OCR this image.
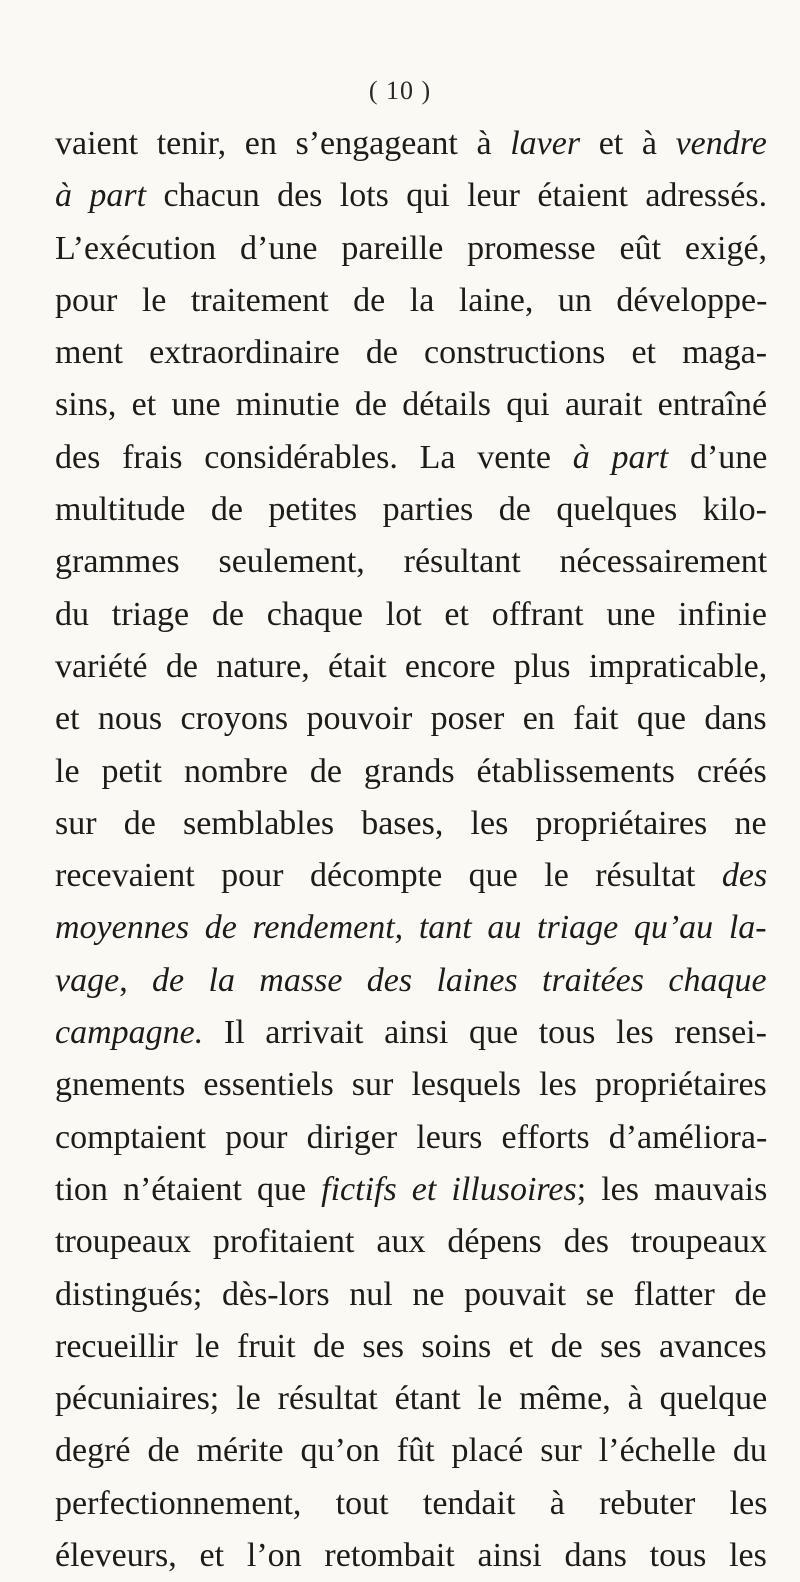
( 10 )
vaient tenir, en s’engageant à laver et à vendre
à part chacun des lots qui leur étaient adressés.
L’exécution d’une pareille promesse eût exigé,
pour le traitement de la laine, un développe-
ment extraordinaire de constructions et maga-
sins, et une minutie de détails qui aurait entraîné
des frais considérables. La vente à part d’une
multitude de petites parties de quelques kilo-
grammes seulement, résultant nécessairement
du triage de chaque lot et offrant une infinie
variété de nature, était encore plus impraticable,
et nous croyons pouvoir poser en fait que dans
le petit nombre de grands établissements créés
sur de semblables bases, les propriétaires ne
recevaient pour décompte que le résultat des
moyennes de rendement, tant au triage qu’au la-
vage, de la masse des laines traitées chaque
campagne. Il arrivait ainsi que tous les rensei-
gnements essentiels sur lesquels les propriétaires
comptaient pour diriger leurs efforts d’améliora-
tion n’étaient que fictifs et illusoires; les mauvais
troupeaux profitaient aux dépens des troupeaux
distingués; dès-lors nul ne pouvait se flatter de
recueillir le fruit de ses soins et de ses avances
pécuniaires; le résultat étant le même, à quelque
degré de mérite qu’on fût placé sur l’échelle du
perfectionnement, tout tendait à rebuter les
éleveurs, et l’on retombait ainsi dans tous les
